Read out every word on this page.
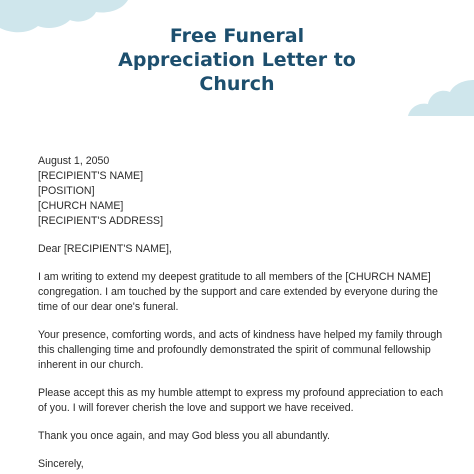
Free Funeral
Appreciation Letter to
Church
August 1, 2050
[RECIPIENT'S NAME]
[POSITION]
[CHURCH NAME]
[RECIPIENT'S ADDRESS]
Dear [RECIPIENT'S NAME],
I am writing to extend my deepest gratitude to all members of the [CHURCH NAME]
congregation. I am touched by the support and care extended by everyone during the
time of our dear one's funeral.
Your presence, comforting words, and acts of kindness have helped my family through
this challenging time and profoundly demonstrated the spirit of communal fellowship
inherent in our church.
Please accept this as my humble attempt to express my profound appreciation to each
of you. I will forever cherish the love and support we have received.
Thank you once again, and may God bless you all abundantly.
Sincerely,
